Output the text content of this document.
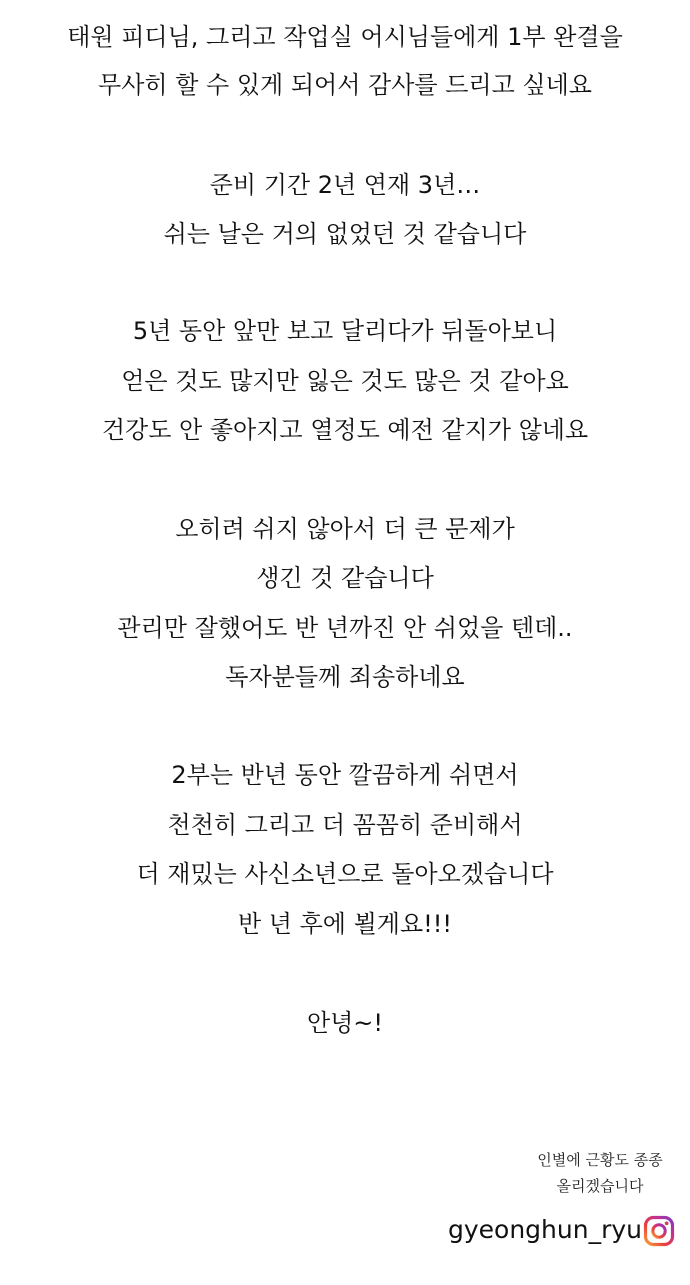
태원 피디님, 그리고 작업실 어시님들에게 1부 완결을
무사히 할 수 있게 되어서 감사를 드리고 싶네요
준비 기간 2년 연재 3년…
쉬는 날은 거의 없었던 것 같습니다
5년 동안 앞만 보고 달리다가 뒤돌아보니
얻은 것도 많지만 잃은 것도 많은 것 같아요
건강도 안 좋아지고 열정도 예전 같지가 않네요
오히려 쉬지 않아서 더 큰 문제가
생긴 것 같습니다
관리만 잘했어도 반 년까진 안 쉬었을 텐데..
독자분들께 죄송하네요
2부는 반년 동안 깔끔하게 쉬면서
천천히 그리고 더 꼼꼼히 준비해서
더 재밌는 사신소년으로 돌아오겠습니다
반 년 후에 뵐게요!!!
안녕~!
인별에 근황도 종종
올리겠습니다
gyeonghun_ryu
